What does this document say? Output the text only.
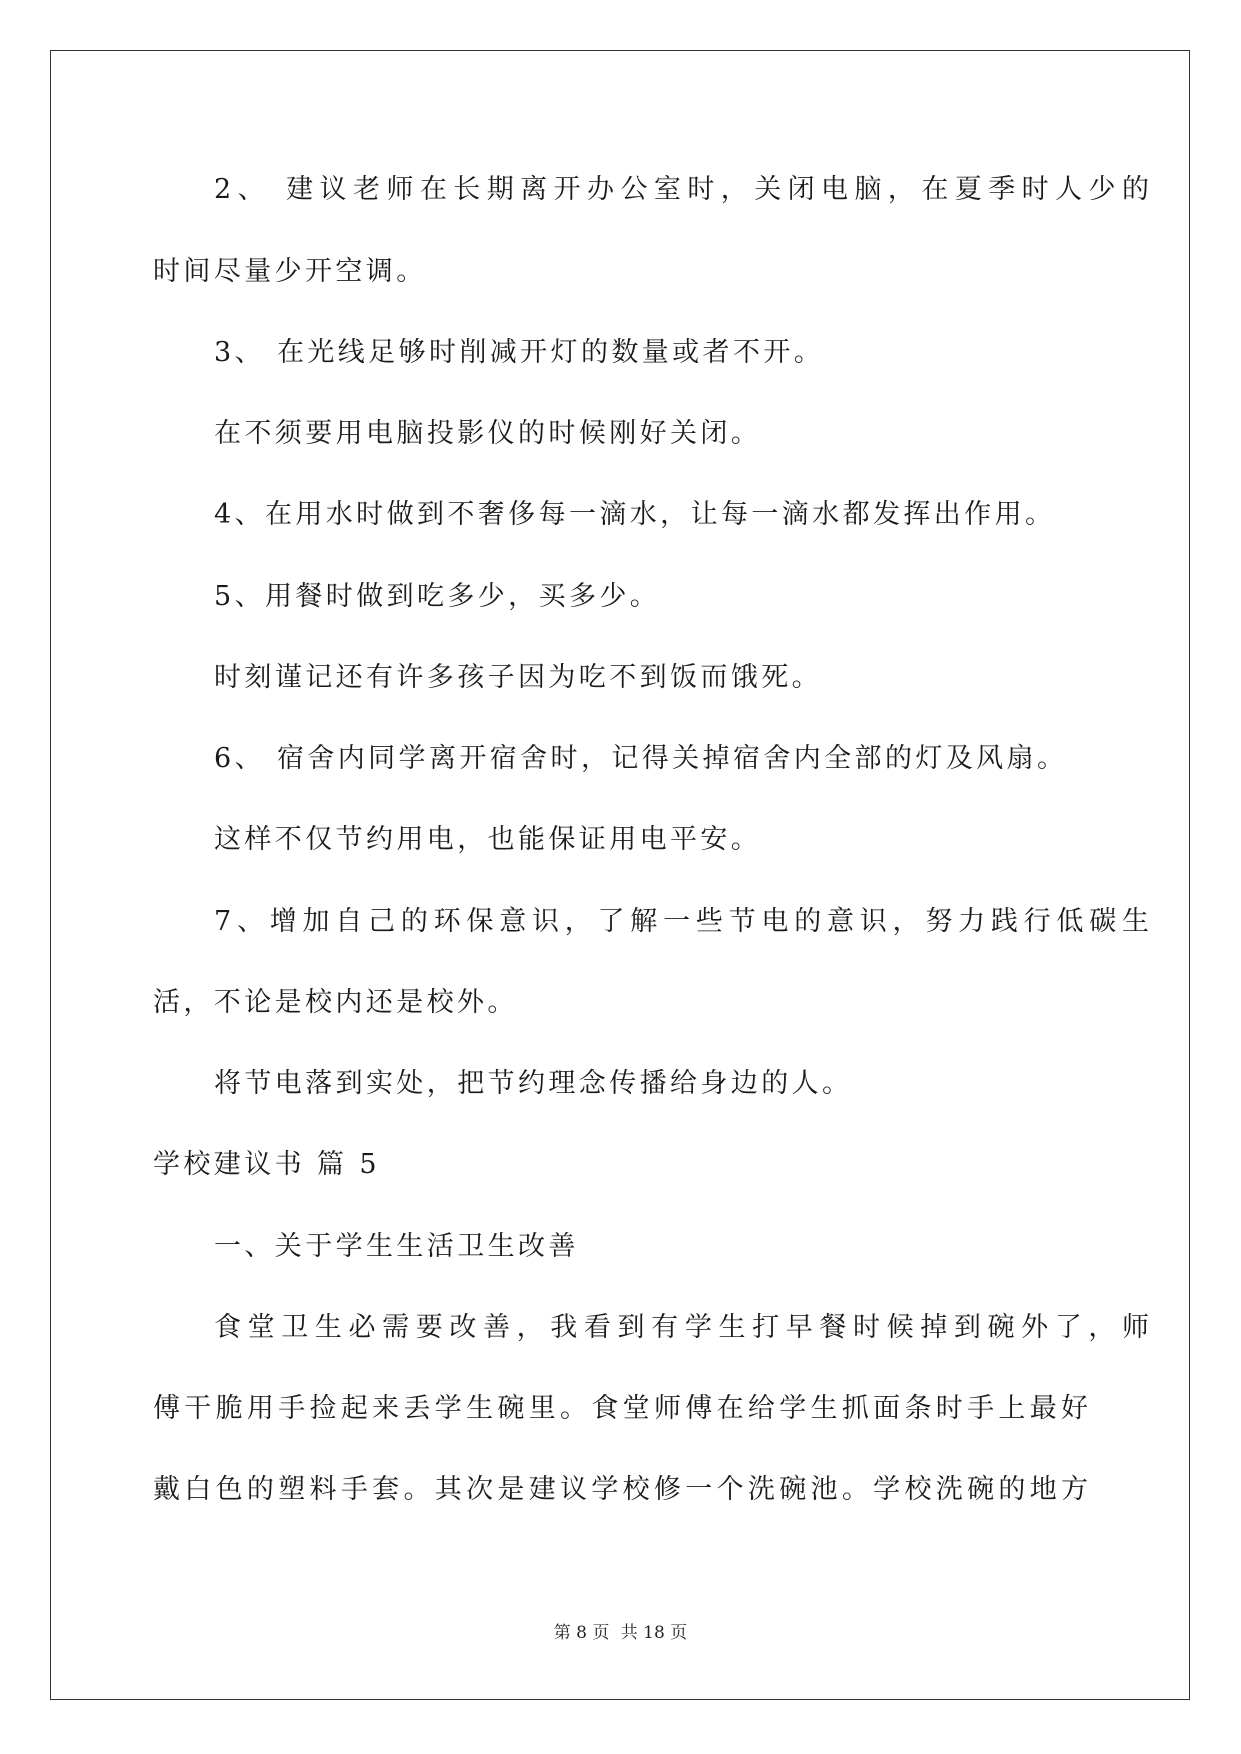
2、 建议老师在长期离开办公室时，关闭电脑，在夏季时人少的
时间尽量少开空调。
3、 在光线足够时削减开灯的数量或者不开。
在不须要用电脑投影仪的时候刚好关闭。
4、在用水时做到不奢侈每一滴水，让每一滴水都发挥出作用。
5、用餐时做到吃多少，买多少。
时刻谨记还有许多孩子因为吃不到饭而饿死。
6、 宿舍内同学离开宿舍时，记得关掉宿舍内全部的灯及风扇。
这样不仅节约用电，也能保证用电平安。
7、增加自己的环保意识，了解一些节电的意识，努力践行低碳生
活，不论是校内还是校外。
将节电落到实处，把节约理念传播给身边的人。
学校建议书 篇 5
一、关于学生生活卫生改善
食堂卫生必需要改善，我看到有学生打早餐时候掉到碗外了，师
傅干脆用手捡起来丢学生碗里。食堂师傅在给学生抓面条时手上最好
戴白色的塑料手套。其次是建议学校修一个洗碗池。学校洗碗的地方
第 8 页 共 18 页
